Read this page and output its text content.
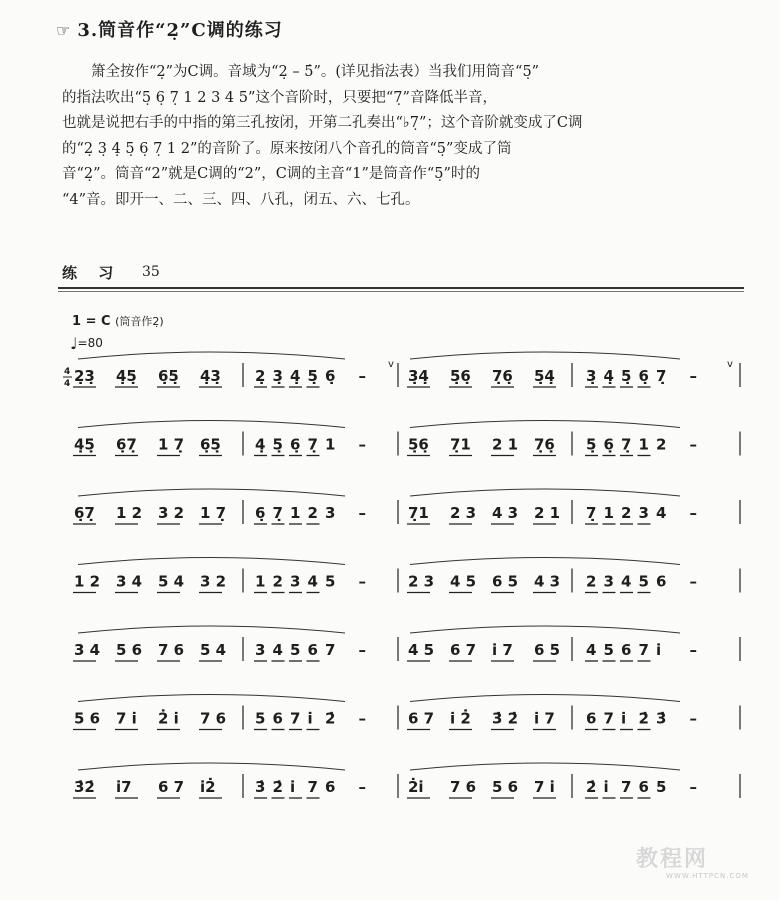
☞ 3.筒音作“2̣”C调的练习

箫全按作“2̣”为C调。音域为“2̣ – 5̇”。(详见指法表）当我们用筒音“5̣”
的指法吹出“5̣ 6̣ 7̣ 1 2 3 4 5”这个音阶时，只要把“7̣”音降低半音，
也就是说把右手的中指的第三孔按闭，开第二孔奏出“♭7̣”；这个音阶就变成了C调
的“2̣ 3̣ 4̣ 5̣ 6̣ 7̣ 1 2”的音阶了。原来按闭八个音孔的筒音“5̣”变成了筒
音“2̣”。筒音“2”就是C调的“2”，C调的主音“1”是筒音作“5̣”时的
“4”音。即开一、二、三、四、八孔，闭五、六、七孔。

练 习 35
1 = C (筒音作2̣)
♩=80
4
4 2̣3̣ 4̣5̣ 6̣5̣ 4̣3̣ 2̣ 3̣ 4̣ 5̣ 6̣ –	3̣4̣ 5̣6̣ 7̣6̣ 5̣4̣ 3̣ 4̣ 5̣ 6̣ 7̣ –
v	v
4̣5̣ 6̣7̣ 1 7̣ 6̣5̣ 4̣ 5̣ 6̣ 7̣ 1 –	5̣6̣ 7̣1 2 1 7̣6̣ 5̣ 6̣ 7̣ 1 2 –
6̣7̣ 1 2 3 2 1 7̣ 6̣ 7̣ 1 2 3 –	7̣1 2 3 4 3 2 1 7̣ 1 2 3 4 –
1 2 3 4 5 4 3 2 1 2 3 4 5 –	2 3 4 5 6 5 4 3 2 3 4 5 6 –
3 4 5 6 7 6 5 4 3 4 5 6 7 –	4 5 6 7 i̇ 7 6 5 4 5 6 7 i̇ –
5 6 7 i̇ 2̇ i̇ 7 6 5 6 7 i̇ 2̇ –	6 7 i̇ 2̇ 3̇ 2̇ i̇ 7 6 7 i̇ 2̇ 3̇ –
3̇2̇ i̇7 6 7 i̇2̇	3̇ 2̇ i̇ 7 6 –	2̇i̇ 7 6 5 6 7 i̇ 2̇ i̇ 7 6 5 –
教程网
WWW.HTTPCN.COM
